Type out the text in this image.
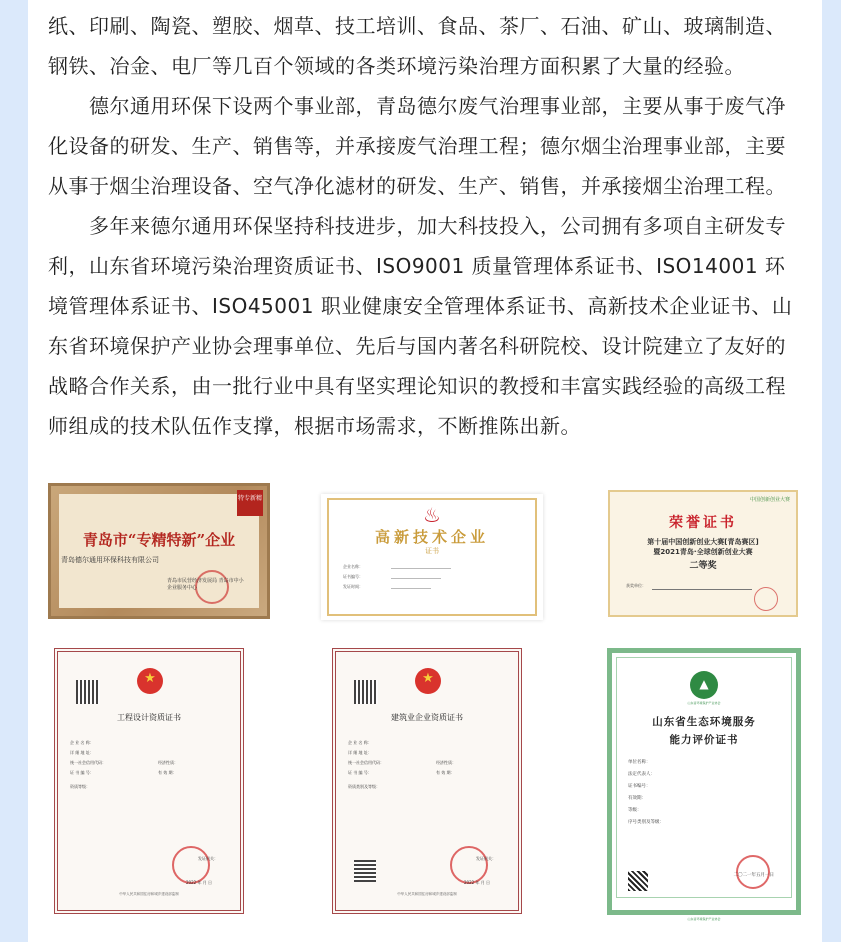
纸、印刷、陶瓷、塑胶、烟草、技工培训、食品、茶厂、石油、矿山、玻璃制造、
钢铁、冶金、电厂等几百个领域的各类环境污染治理方面积累了大量的经验。
　　德尔通用环保下设两个事业部，青岛德尔废气治理事业部，主要从事于废气净
化设备的研发、生产、销售等，并承接废气治理工程；德尔烟尘治理事业部，主要
从事于烟尘治理设备、空气净化滤材的研发、生产、销售，并承接烟尘治理工程。
　　多年来德尔通用环保坚持科技进步，加大科技投入，公司拥有多项自主研发专
利，山东省环境污染治理资质证书、ISO9001 质量管理体系证书、ISO14001 环
境管理体系证书、ISO45001 职业健康安全管理体系证书、高新技术企业证书、山
东省环境保护产业协会理事单位、先后与国内著名科研院校、设计院建立了友好的
战略合作关系，由一批行业中具有坚实理论知识的教授和丰富实践经验的高级工程
师组成的技术队伍作支撑，根据市场需求，不断推陈出新。
特专新精
青岛市“专精特新”企业
青岛德尔通用环保科技有限公司
青岛市民营经济发展局 青岛市中小企业服务中心
♨
高新技术企业
证书
企业名称：
证书编号：
发证时间：
中国创新创业大赛
荣誉证书
第十届中国创新创业大赛[青岛赛区]
暨2021青岛·全球创新创业大赛
二等奖
获奖单位：
★
工程设计资质证书
企 业 名 称：
详 细 地 址：
统一社会信用代码：
证 书 编 号：
经济性质：
有 效 期：
资质等级：
发证机关：
2022 年 月 日
中华人民共和国住房和城乡建设部监制
★
建筑业企业资质证书
企 业 名 称：
详 细 地 址：
统一社会信用代码：
证 书 编 号：
经济性质：
有 效 期：
资质类别及等级：
发证机关：
2022 年 月 日
中华人民共和国住房和城乡建设部监制
▲
山东省环境保护产业协会
山东省生态环境服务
能力评价证书
单位名称：
法定代表人：
证书编号：
有效期：
等级：
序号类别及等级：
二〇二一年五月一日
山东省环境保护产业协会
